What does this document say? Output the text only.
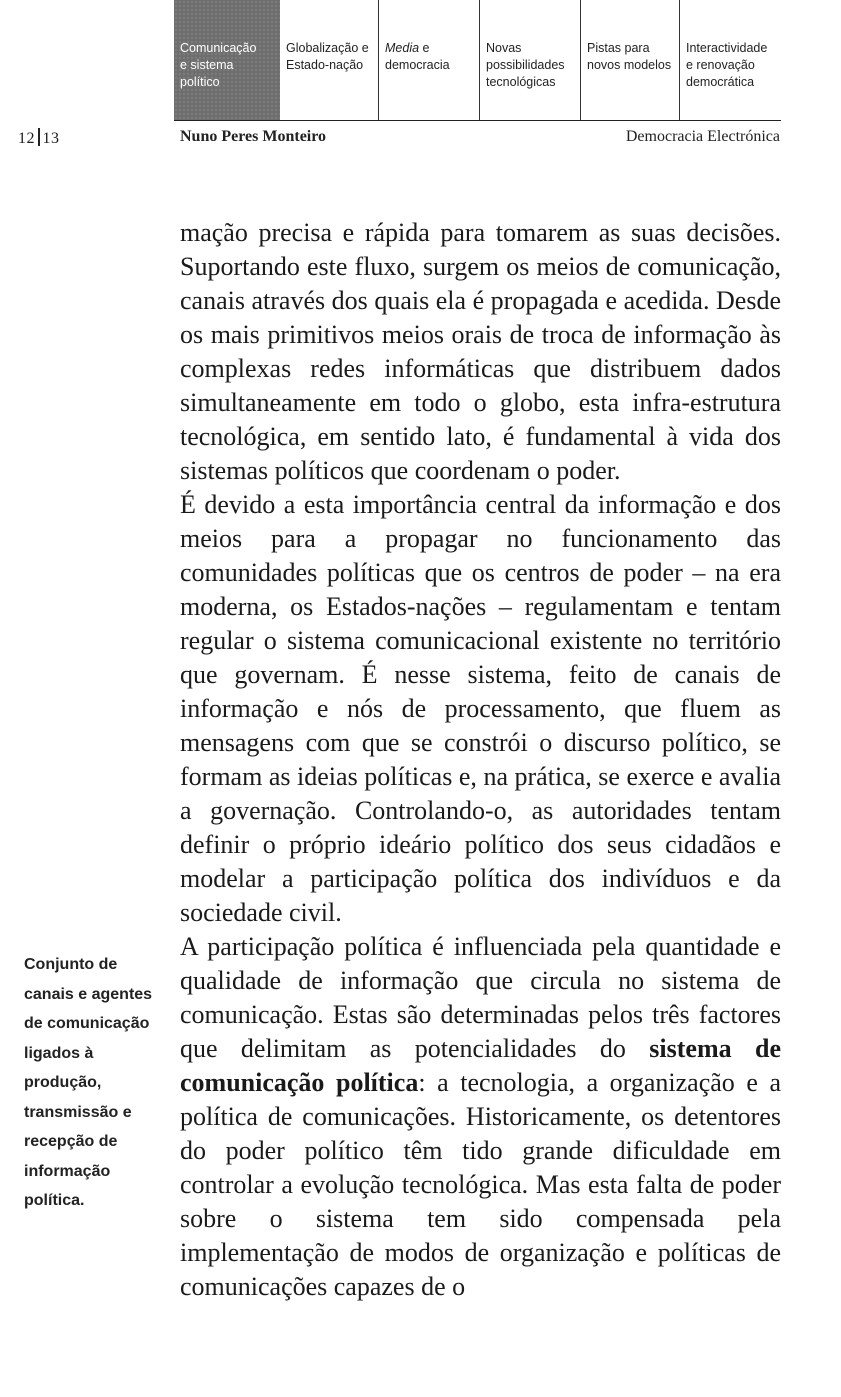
Comunicação
e sistema
político
Globalização e
Estado-nação
Media e
democracia
Novas
possibilidades
tecnológicas
Pistas para
novos modelos
Interactividade
e renovação
democrática
12 13	Nuno Peres Monteiro	Democracia Electrónica

mação precisa e rápida para tomarem as suas decisões. Suportando este fluxo, surgem os meios de comunicação, canais através dos quais ela é propagada e acedida. Desde os mais primitivos meios orais de troca de informação às complexas redes informáticas que distribuem dados simultaneamente em todo o globo, esta infra-estrutura tecnológica, em sentido lato, é fundamental à vida dos sistemas políticos que coordenam o poder.

É devido a esta importância central da informação e dos meios para a propagar no funcionamento das comunidades políticas que os centros de poder – na era moderna, os Estados-nações – regulamentam e tentam regular o sistema comunicacional existente no território que governam. É nesse sistema, feito de canais de informação e nós de processamento, que fluem as mensagens com que se constrói o discurso político, se formam as ideias políticas e, na prática, se exerce e avalia a governação. Controlando-o, as autoridades tentam definir o próprio ideário político dos seus cidadãos e modelar a participação política dos indivíduos e da sociedade civil.

A participação política é influenciada pela quantidade e qualidade de informação que circula no sistema de comunicação. Estas são determinadas pelos três factores que delimitam as potencialidades do sistema de comunicação política: a tecnologia, a organização e a política de comunicações. Historicamente, os detentores do poder político têm tido grande dificuldade em controlar a evolução tecnológica. Mas esta falta de poder sobre o sistema tem sido compensada pela implementação de modos de organização e políticas de comunicações capazes de o

Conjunto de canais e agentes de comunicação ligados à produção, transmissão e recepção de informação política.
